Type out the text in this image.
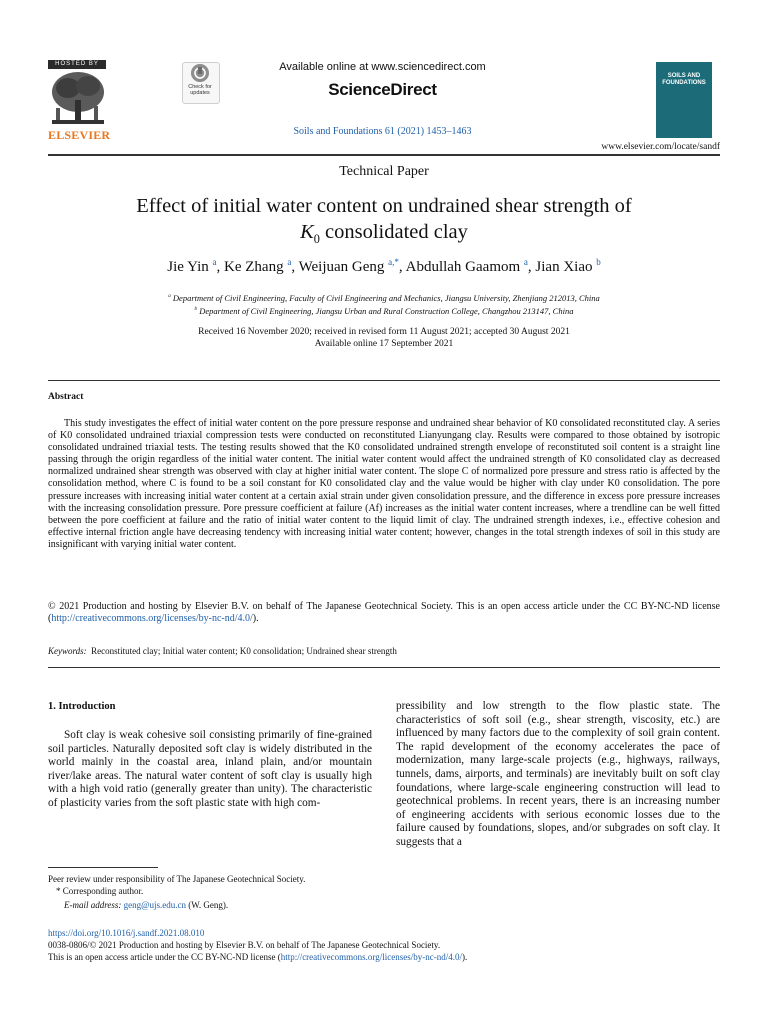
HOSTED BY
ELSEVIER
Check for updates
Available online at www.sciencedirect.com
ScienceDirect
Soils and Foundations 61 (2021) 1453–1463
SOILS AND FOUNDATIONS
www.elsevier.com/locate/sandf
Technical Paper
Effect of initial water content on undrained shear strength of
$K_0$ consolidated clay
Jie Yin $^a$, Ke Zhang $^a$, Weijuan Geng $^{a,*}$, Abdullah Gaamom $^a$, Jian Xiao $^b$
$^a$ Department of Civil Engineering, Faculty of Civil Engineering and Mechanics, Jiangsu University, Zhenjiang 212013, China
$^b$ Department of Civil Engineering, Jiangsu Urban and Rural Construction College, Changzhou 213147, China
Received 16 November 2020; received in revised form 11 August 2021; accepted 30 August 2021
Available online 17 September 2021
Abstract
This study investigates the effect of initial water content on the pore pressure response and undrained shear behavior of K0 consolidated reconstituted clay. A series of K0 consolidated undrained triaxial compression tests were conducted on reconstituted Lianyungang clay. Results were compared to those obtained by isotropic consolidated undrained triaxial tests. The testing results showed that the K0 consolidated undrained strength envelope of reconstituted soil content is a straight line passing through the origin regardless of the initial water content. The initial water content would affect the undrained strength of K0 consolidated clay as decreased normalized undrained shear strength was observed with clay at higher initial water content. The slope C of normalized pore pressure and stress ratio is affected by the consolidation method, where C is found to be a soil constant for K0 consolidated clay and the value would be higher with clay under K0 consolidation. The pore pressure increases with increasing initial water content at a certain axial strain under given consolidation pressure, and the difference in excess pore pressure increases with the increasing consolidation pressure. Pore pressure coefficient at failure (Af) increases as the initial water content increases, where a trendline can be well fitted between the pore coefficient at failure and the ratio of initial water content to the liquid limit of clay. The undrained strength indexes, i.e., effective cohesion and effective internal friction angle have decreasing tendency with increasing initial water content; however, changes in the total strength indexes of soil in this study are insignificant with varying initial water content.
© 2021 Production and hosting by Elsevier B.V. on behalf of The Japanese Geotechnical Society. This is an open access article under the CC BY-NC-ND license (http://creativecommons.org/licenses/by-nc-nd/4.0/).
Keywords: Reconstituted clay; Initial water content; K0 consolidation; Undrained shear strength
1. Introduction
Soft clay is weak cohesive soil consisting primarily of fine-grained soil particles. Naturally deposited soft clay is widely distributed in the world mainly in the coastal area, inland plain, and/or mountain river/lake areas. The natural water content of soft clay is usually high with a high void ratio (generally greater than unity). The characteristic of plasticity varies from the soft plastic state with high com-
pressibility and low strength to the flow plastic state. The characteristics of soft soil (e.g., shear strength, viscosity, etc.) are influenced by many factors due to the complexity of soil grain content. The rapid development of the economy accelerates the pace of modernization, many large-scale projects (e.g., highways, railways, tunnels, dams, airports, and terminals) are inevitably built on soft clay foundations, where large-scale engineering construction will lead to geotechnical problems. In recent years, there is an increasing number of engineering accidents with serious economic losses due to the failure caused by foundations, slopes, and/or subgrades on soft clay. It suggests that a
Peer review under responsibility of The Japanese Geotechnical Society.
* Corresponding author.
E-mail address: geng@ujs.edu.cn (W. Geng).
https://doi.org/10.1016/j.sandf.2021.08.010
0038-0806/© 2021 Production and hosting by Elsevier B.V. on behalf of The Japanese Geotechnical Society.
This is an open access article under the CC BY-NC-ND license (http://creativecommons.org/licenses/by-nc-nd/4.0/).
